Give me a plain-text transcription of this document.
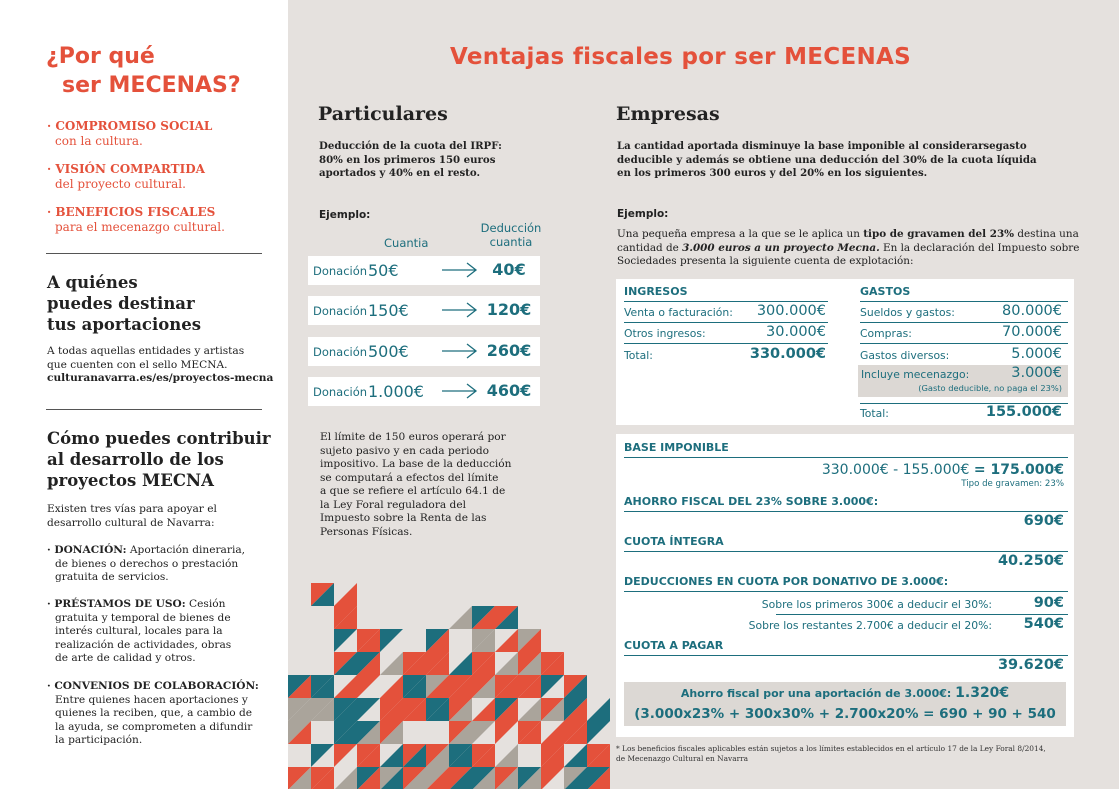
¿Por qué
ser MECENAS?
· COMPROMISO SOCIAL
con la cultura.
· VISIÓN COMPARTIDA
del proyecto cultural.
· BENEFICIOS FISCALES
para el mecenazgo cultural.
A quiénes
puedes destinar
tus aportaciones
A todas aquellas entidades y artistas
que cuenten con el sello MECNA.
culturanavarra.es/es/proyectos-mecna
Cómo puedes contribuir
al desarrollo de los
proyectos MECNA
Existen tres vías para apoyar el
desarrollo cultural de Navarra:
· DONACIÓN: Aportación dineraria,
de bienes o derechos o prestación
gratuita de servicios.
· PRÉSTAMOS DE USO: Cesión
gratuita y temporal de bienes de
interés cultural, locales para la
realización de actividades, obras
de arte de calidad y otros.
· CONVENIOS DE COLABORACIÓN:
Entre quienes hacen aportaciones y
quienes la reciben, que, a cambio de
la ayuda, se comprometen a difundir
la participación.
Ventajas fiscales por ser MECENAS
Particulares
Deducción de la cuota del IRPF:
80% en los primeros 150 euros
aportados y 40% en el resto.
Ejemplo:
Cuantia
Deducción
cuantia
Donación 50€	40€
Donación 150€	120€
Donación 500€	260€
Donación 1.000€	460€
El límite de 150 euros operará por
sujeto pasivo y en cada periodo
impositivo. La base de la deducción
se computará a efectos del límite
a que se refiere el artículo 64.1 de
la Ley Foral reguladora del
Impuesto sobre la Renta de las
Personas Físicas.
Empresas
La cantidad aportada disminuye la base imponible al considerarsegasto
deducible y además se obtiene una deducción del 30% de la cuota líquida
en los primeros 300 euros y del 20% en los siguientes.
Ejemplo:
Una pequeña empresa a la que se le aplica un tipo de gravamen del 23% destina una
cantidad de 3.000 euros a un proyecto Mecna. En la declaración del Impuesto sobre
Sociedades presenta la siguiente cuenta de explotación:
INGRESOS
Venta o facturación:	300.000€
Otros ingresos:	30.000€
Total:	330.000€
GASTOS
Sueldos y gastos:	80.000€
Compras:	70.000€
Gastos diversos:	5.000€
Incluye mecenazgo:	3.000€
(Gasto deducible, no paga el 23%)
Total:	155.000€
BASE IMPONIBLE
330.000€ - 155.000€ = 175.000€
Tipo de gravamen: 23%
AHORRO FISCAL DEL 23% SOBRE 3.000€:
690€
CUOTA ÍNTEGRA
40.250€
DEDUCCIONES EN CUOTA POR DONATIVO DE 3.000€:
Sobre los primeros 300€ a deducir el 30%:	90€
Sobre los restantes 2.700€ a deducir el 20%: 540€
CUOTA A PAGAR
39.620€
Ahorro fiscal por una aportación de 3.000€: 1.320€
(3.000x23% + 300x30% + 2.700x20% = 690 + 90 + 540
* Los beneficios fiscales aplicables están sujetos a los límites establecidos en el artículo 17 de la Ley Foral 8/2014,
de Mecenazgo Cultural en Navarra
